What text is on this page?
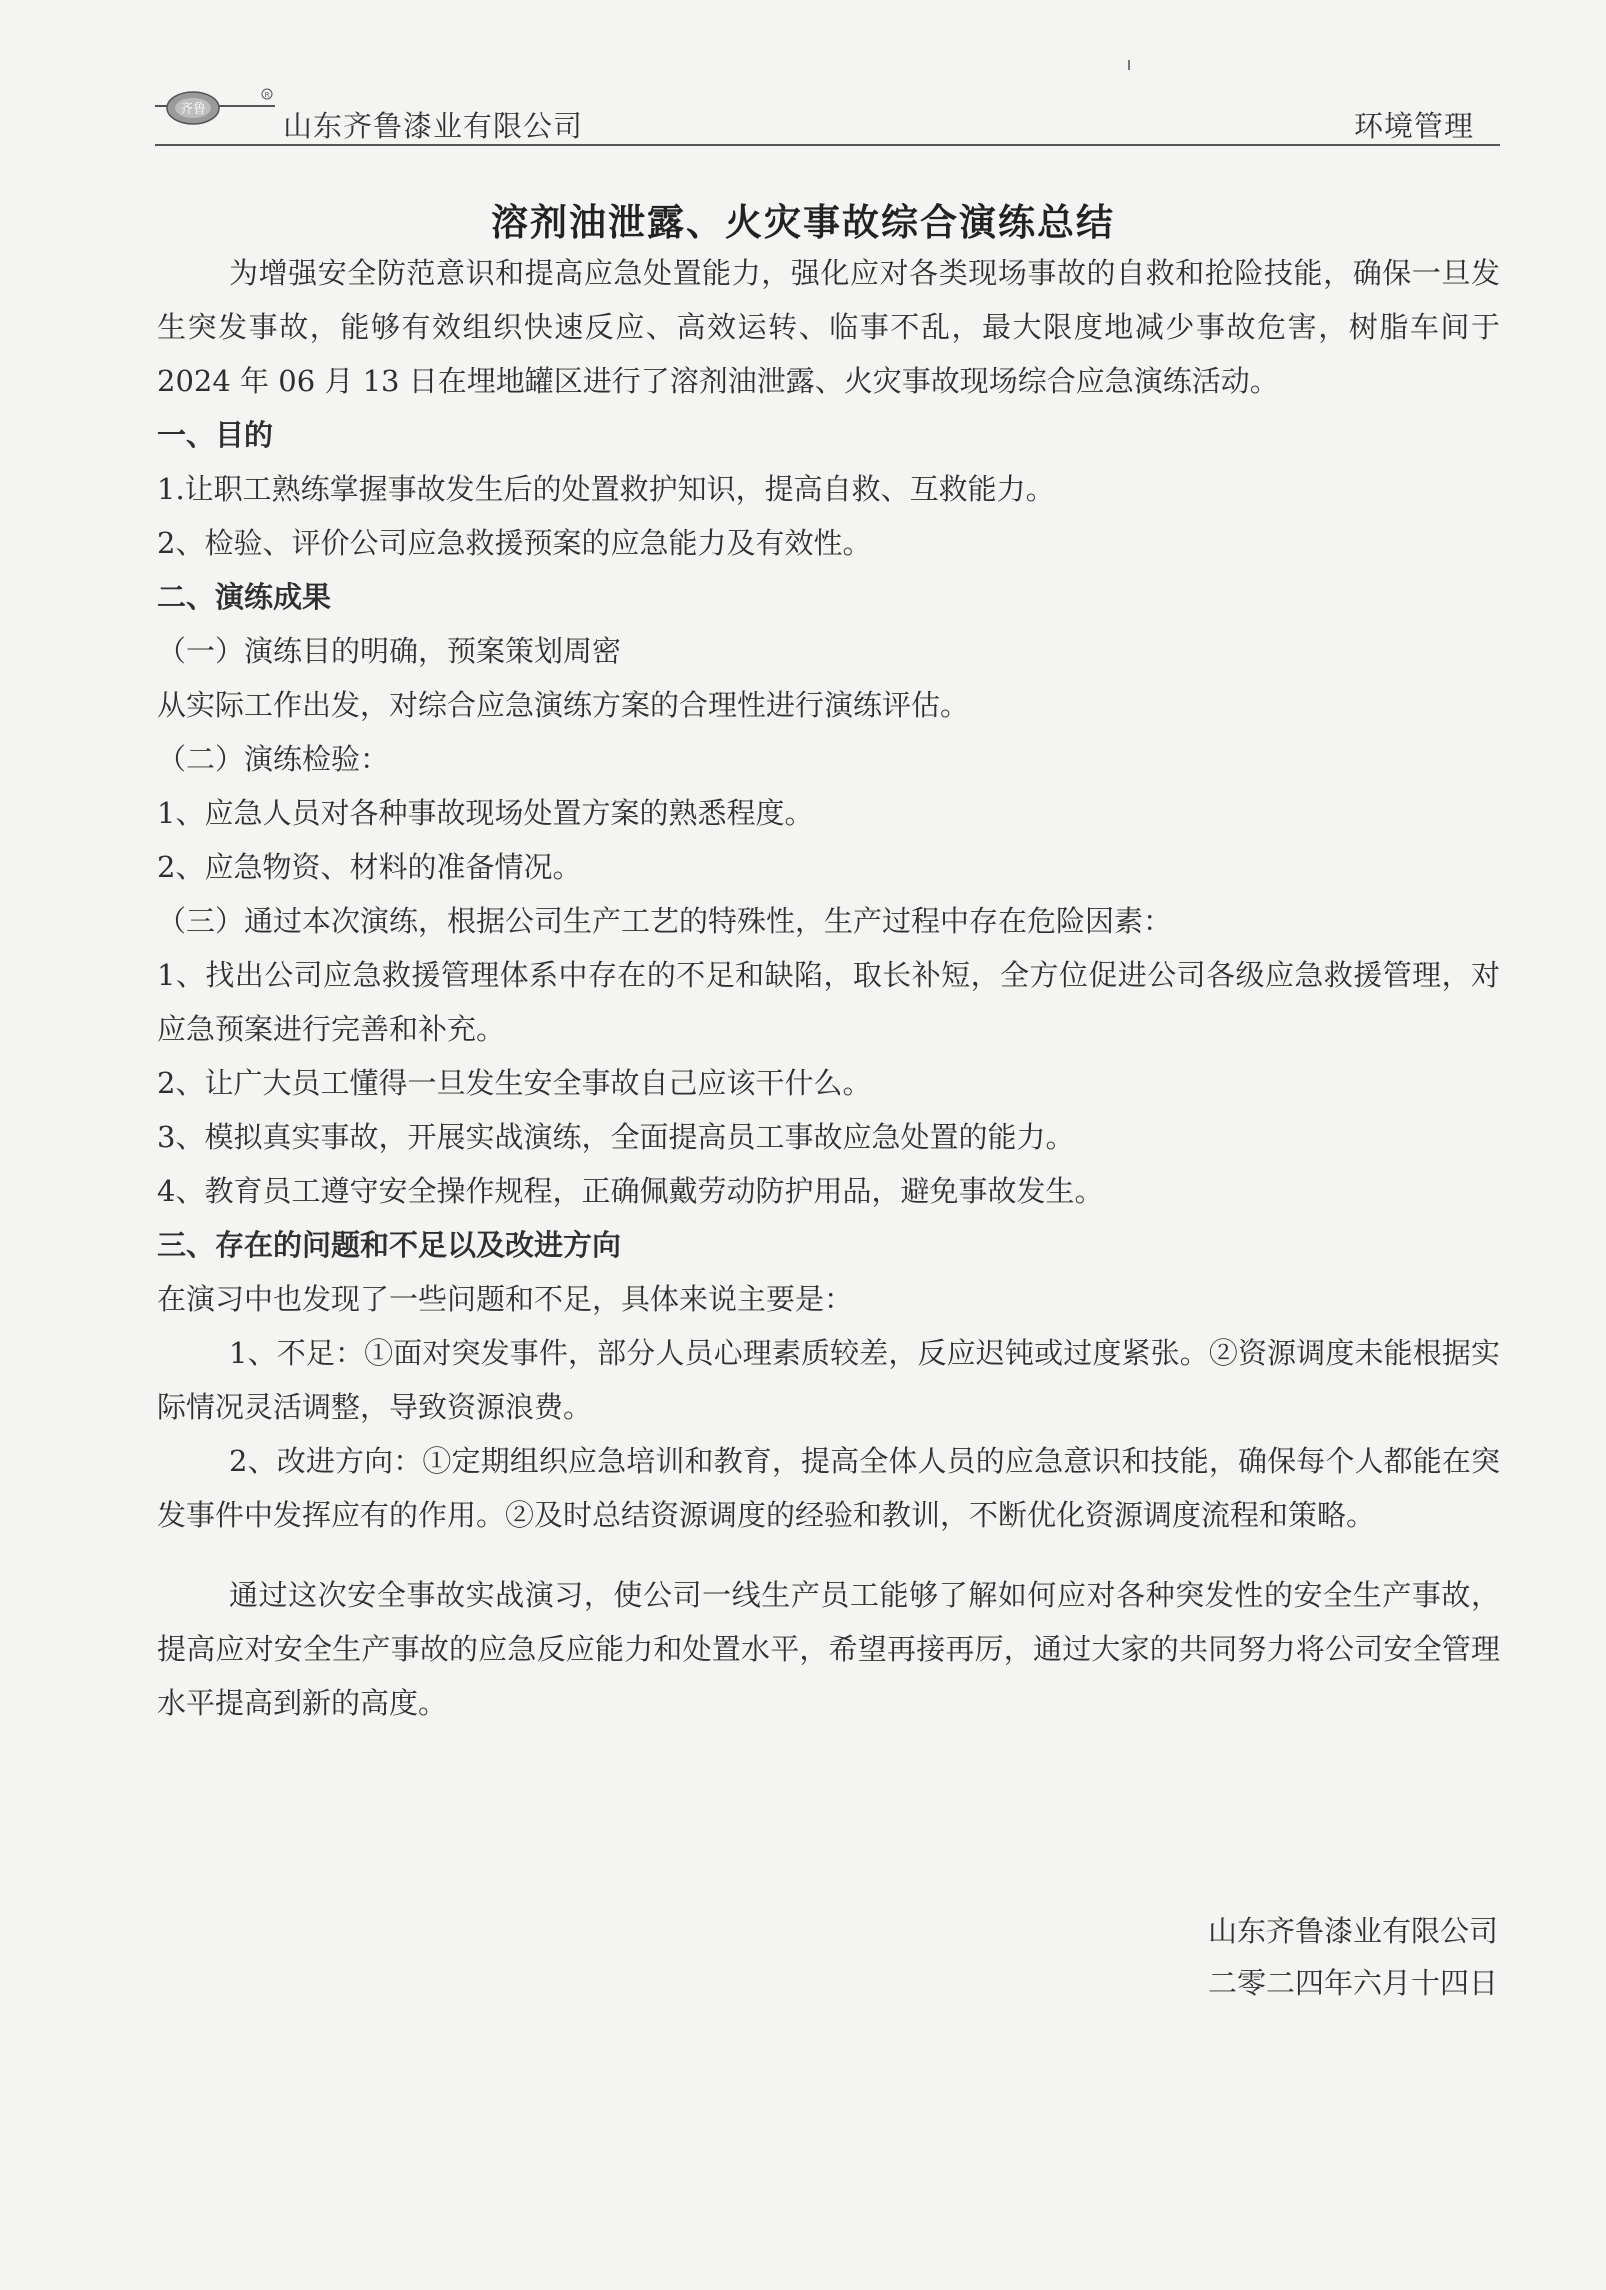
齐鲁
R
山东齐鲁漆业有限公司	环境管理
溶剂油泄露、火灾事故综合演练总结

为增强安全防范意识和提高应急处置能力，强化应对各类现场事故的自救和抢险技能，确保一旦发生突发事故，能够有效组织快速反应、高效运转、临事不乱，最大限度地减少事故危害，树脂车间于 2024 年 06 月 13 日在埋地罐区进行了溶剂油泄露、火灾事故现场综合应急演练活动。

一、目的

1.让职工熟练掌握事故发生后的处置救护知识，提高自救、互救能力。

2、检验、评价公司应急救援预案的应急能力及有效性。

二、演练成果

（一）演练目的明确，预案策划周密

从实际工作出发，对综合应急演练方案的合理性进行演练评估。

（二）演练检验：

1、应急人员对各种事故现场处置方案的熟悉程度。

2、应急物资、材料的准备情况。

（三）通过本次演练，根据公司生产工艺的特殊性，生产过程中存在危险因素：

1、找出公司应急救援管理体系中存在的不足和缺陷，取长补短，全方位促进公司各级应急救援管理，对应急预案进行完善和补充。

2、让广大员工懂得一旦发生安全事故自己应该干什么。

3、模拟真实事故，开展实战演练，全面提高员工事故应急处置的能力。

4、教育员工遵守安全操作规程，正确佩戴劳动防护用品，避免事故发生。

三、存在的问题和不足以及改进方向

在演习中也发现了一些问题和不足，具体来说主要是：

1、不足：①面对突发事件，部分人员心理素质较差，反应迟钝或过度紧张。②资源调度未能根据实际情况灵活调整，导致资源浪费。

2、改进方向：①定期组织应急培训和教育，提高全体人员的应急意识和技能，确保每个人都能在突发事件中发挥应有的作用。②及时总结资源调度的经验和教训，不断优化资源调度流程和策略。

通过这次安全事故实战演习，使公司一线生产员工能够了解如何应对各种突发性的安全生产事故，提高应对安全生产事故的应急反应能力和处置水平，希望再接再厉，通过大家的共同努力将公司安全管理水平提高到新的高度。

山东齐鲁漆业有限公司
二零二四年六月十四日
